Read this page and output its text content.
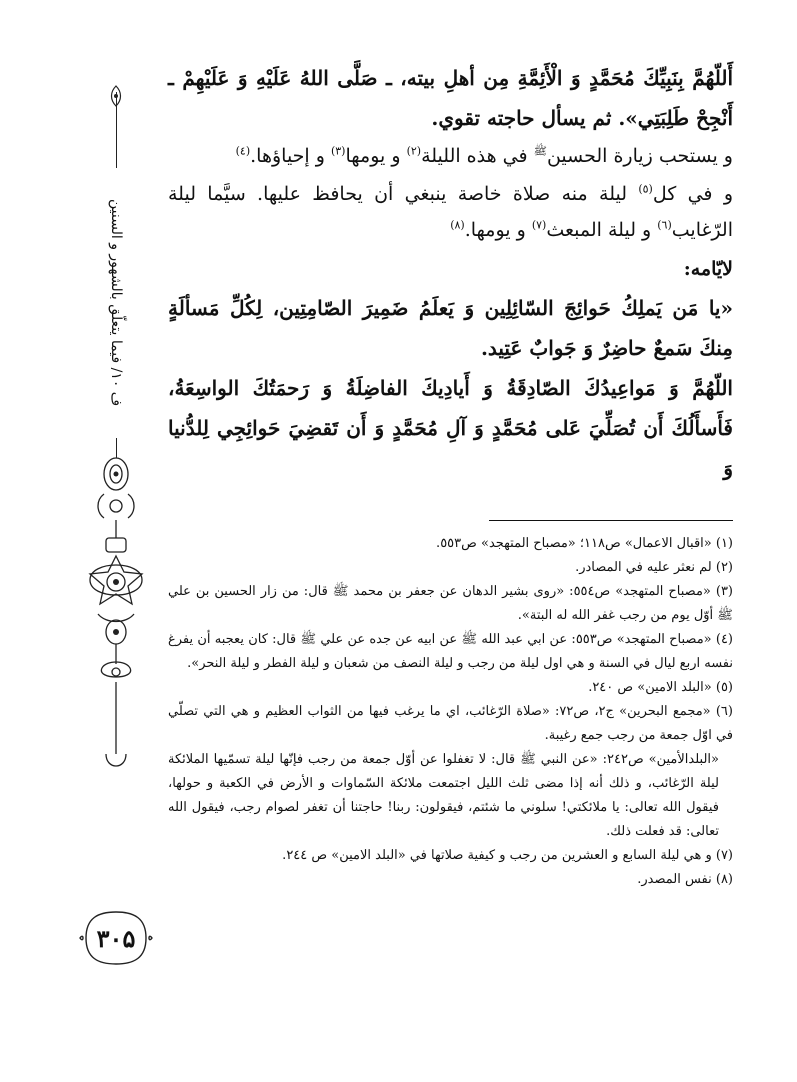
ف ۱۰/ فيما يتعلّق بالشهور و السنين
۳۰۵

أَللّهُمَّ بِنَبِيِّكَ مُحَمَّدٍ وَ الْأَئِمَّةِ مِن أهلِ بيته، ـ صَلَّى اللهُ عَلَيْهِ وَ عَلَيْهِمْ ـ أَنْجِحْ طَلِبَتِي». ثم يسأل حاجته تقوي.

و يستحب زيارة الحسين$^ﷺ$ في هذه الليلة$^{(۲)}$ و يومها$^{(۳)}$ و إحياؤها.$^{(٤)}$

و في كل$^{(٥)}$ ليلة منه صلاة خاصة ينبغي أن يحافظ عليها. سيَّما ليلة الرّغايب$^{(٦)}$ و ليلة المبعث$^{(۷)}$ و يومها.$^{(۸)}$

لايّامه:

«يا مَن يَملِكُ حَوائِجَ السّائِلِين وَ يَعلَمُ ضَمِيرَ الصّامِتِين، لِكُلِّ مَسألَةٍ مِنكَ سَمعٌ حاضِرٌ وَ جَوابٌ عَتِيد.

اللّهُمَّ وَ مَواعِيدُكَ الصّادِقَةُ وَ أَيادِيكَ الفاضِلَةُ وَ رَحمَتُكَ الواسِعَةُ، فَأَسأَلُكَ أَن تُصَلِّيَ عَلى مُحَمَّدٍ وَ آلِ مُحَمَّدٍ وَ أَن تَقضِيَ حَوائِجِي لِلدُّنيا وَ

(۱) «اقبال الاعمال» ص۱۱۸؛ «مصباح المتهجد» ص٥٥۳.

(۲) لم نعثر عليه في المصادر.

(۳) «مصباح المتهجد» ص٥٥٤: «روى بشير الدهان عن جعفر بن محمد ﷺ قال: من زار الحسين بن علي ﷺ أوّل يوم من رجب غفر الله له البتة».

(٤) «مصباح المتهجد» ص٥٥۳: عن ابي عبد الله ﷺ عن ابيه عن جده عن علي ﷺ قال: كان يعجبه أن يفرغ نفسه اربع ليال في السنة و هي اول ليلة من رجب و ليلة النصف من شعبان و ليلة الفطر و ليلة النحر».

(٥) «البلد الامين» ص ۲٤٠.

(٦) «مجمع البحرين» ج۲، ص۷۲: «صلاة الرّغائب، اي ما يرغب فيها من الثواب العظيم و هي التي تصلّي في اوّل جمعة من رجب جمع رغيبة.

«البلدالأمين» ص۲٤۲: «عن النبي ﷺ قال: لا تغفلوا عن أوّل جمعة من رجب فإنّها ليلة تسمّيها الملائكة ليلة الرّغائب، و ذلك أنه إذا مضى ثلث الليل اجتمعت ملائكة السّماوات و الأرض في الكعبة و حولها، فيقول الله تعالى: يا ملائكتي! سلوني ما شئتم، فيقولون: ربنا! حاجتنا أن تغفر لصوام رجب، فيقول الله تعالى: قد فعلت ذلك.

(۷) و هي ليلة السابع و العشرين من رجب و كيفية صلاتها في «البلد الامين» ص ۲٤٤.

(۸) نفس المصدر.
